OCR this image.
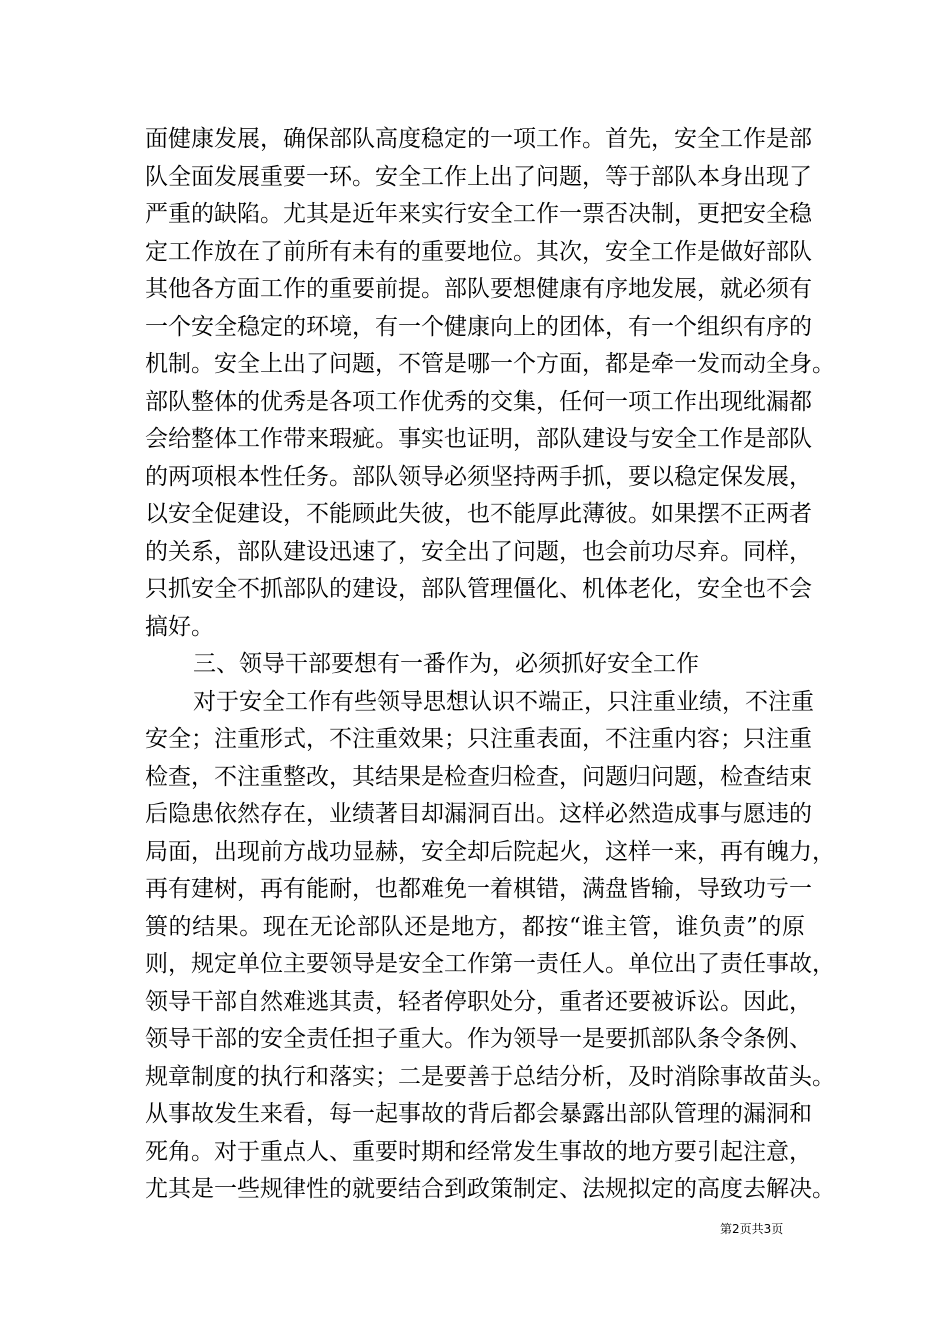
面健康发展，确保部队高度稳定的一项工作。首先，安全工作是部
队全面发展重要一环。安全工作上出了问题，等于部队本身出现了
严重的缺陷。尤其是近年来实行安全工作一票否决制，更把安全稳
定工作放在了前所有未有的重要地位。其次，安全工作是做好部队
其他各方面工作的重要前提。部队要想健康有序地发展，就必须有
一个安全稳定的环境，有一个健康向上的团体，有一个组织有序的
机制。安全上出了问题，不管是哪一个方面，都是牵一发而动全身。
部队整体的优秀是各项工作优秀的交集，任何一项工作出现纰漏都
会给整体工作带来瑕疵。事实也证明，部队建设与安全工作是部队
的两项根本性任务。部队领导必须坚持两手抓，要以稳定保发展，
以安全促建设，不能顾此失彼，也不能厚此薄彼。如果摆不正两者
的关系，部队建设迅速了，安全出了问题，也会前功尽弃。同样，
只抓安全不抓部队的建设，部队管理僵化、机体老化，安全也不会
搞好。
三、领导干部要想有一番作为，必须抓好安全工作
对于安全工作有些领导思想认识不端正，只注重业绩，不注重
安全；注重形式，不注重效果；只注重表面，不注重内容；只注重
检查，不注重整改，其结果是检查归检查，问题归问题，检查结束
后隐患依然存在，业绩著目却漏洞百出。这样必然造成事与愿违的
局面，出现前方战功显赫，安全却后院起火，这样一来，再有魄力，
再有建树，再有能耐，也都难免一着棋错，满盘皆输，导致功亏一
篑的结果。现在无论部队还是地方，都按“谁主管，谁负责”的原
则，规定单位主要领导是安全工作第一责任人。单位出了责任事故，
领导干部自然难逃其责，轻者停职处分，重者还要被诉讼。因此，
领导干部的安全责任担子重大。作为领导一是要抓部队条令条例、
规章制度的执行和落实；二是要善于总结分析，及时消除事故苗头。
从事故发生来看，每一起事故的背后都会暴露出部队管理的漏洞和
死角。对于重点人、重要时期和经常发生事故的地方要引起注意，
尤其是一些规律性的就要结合到政策制定、法规拟定的高度去解决。
第2页共3页
